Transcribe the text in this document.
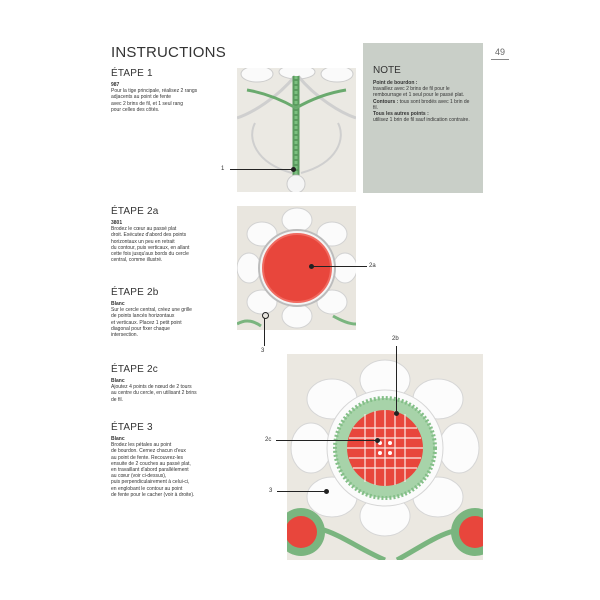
INSTRUCTIONS	49
ÉTAPE 1
987
Pour la tige principale, réalisez 2 rangs
adjacents au point de fente
avec 2 brins de fil, et 1 seul rang
pour celles des côtés.
ÉTAPE 2a
3801
Brodez le cœur au passé plat
droit. Exécutez d'abord des points
horizontaux un peu en retrait
du contour, puis verticaux, en allant
cette fois jusqu'aux bords du cercle
central, comme illustré.
ÉTAPE 2b
Blanc
Sur le cercle central, créez une grille
de points lancés horizontaux
et verticaux. Placez 1 petit point
diagonal pour fixer chaque
intersection.
ÉTAPE 2c
Blanc
Ajoutez 4 points de nœud de 2 tours
au centre du cercle, en utilisant 2 brins
de fil.
ÉTAPE 3
Blanc
Brodez les pétales au point
de bourdon. Cernez chacun d'eux
au point de fente. Recouvrez-les
ensuite de 2 couches au passé plat,
en travaillant d'abord parallèlement
au cœur (voir ci-dessus),
puis perpendiculairement à celui-ci,
en englobant le contour au point
de fente pour le cacher (voir à droite).
NOTE

Point de bourdon :
travaillez avec 2 brins de fil pour le rembourrage et 1 seul pour le passé plat.

Contours : tous sont brodés avec 1 brin de fil.

Tous les autres points :
utilisez 1 brin de fil sauf indication contraire.

1
2a
3
2b
2c
3
